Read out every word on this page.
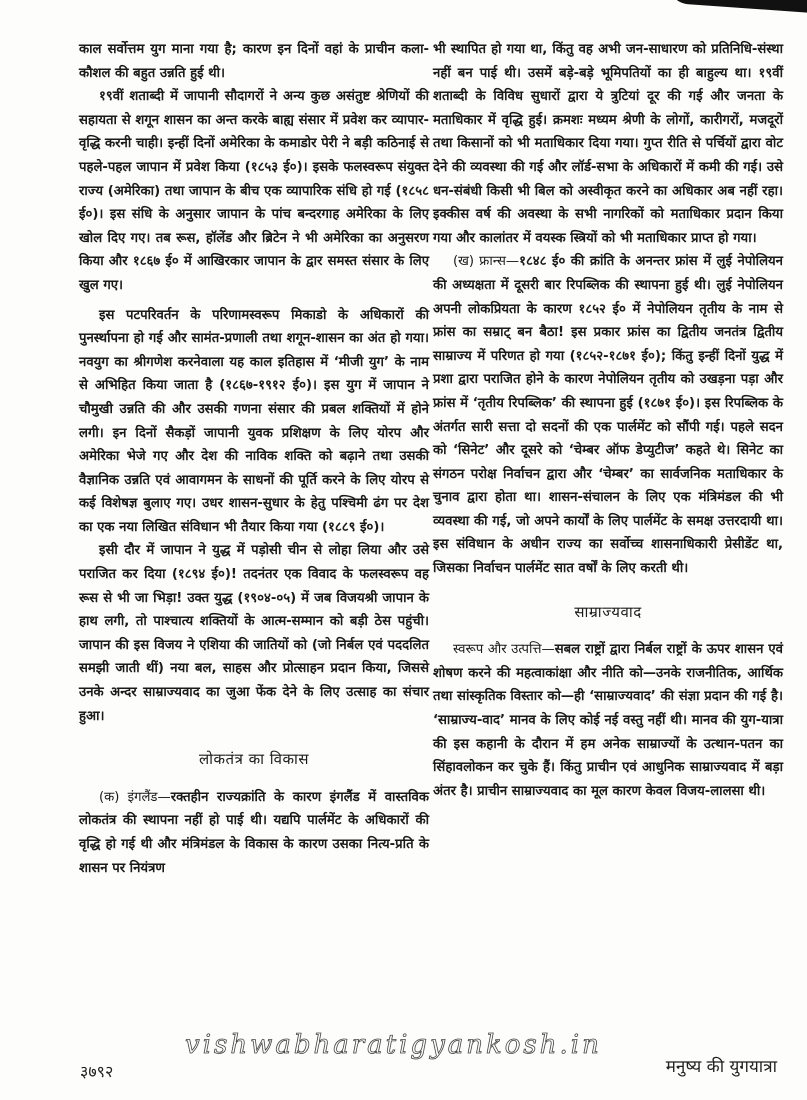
काल सर्वोत्तम युग माना गया है; कारण इन दिनों वहां के प्राचीन कला-कौशल की बहुत उन्नति हुई थी।

१९वीं शताब्दी में जापानी सौदागरों ने अन्य कुछ असंतुष्ट श्रेणियों की सहायता से शगून शासन का अन्त करके बाह्य संसार में प्रवेश कर व्यापार-वृद्धि करनी चाही। इन्हीं दिनों अमेरिका के कमाडोर पेरी ने बड़ी कठिनाई से पहले-पहल जापान में प्रवेश किया (१८५३ ई०)। इसके फलस्वरूप संयुक्त राज्य (अमेरिका) तथा जापान के बीच एक व्यापारिक संधि हो गई (१८५८ ई०)। इस संधि के अनुसार जापान के पांच बन्दरगाह अमेरिका के लिए खोल दिए गए। तब रूस, हॉलेंड और ब्रिटेन ने भी अमेरिका का अनुसरण किया और १८६७ ई० में आखिरकार जापान के द्वार समस्त संसार के लिए खुल गए।

इस पटपरिवर्तन के परिणामस्वरूप मिकाडो के अधिकारों की पुनर्स्थापना हो गई और सामंत-प्रणाली तथा शगून-शासन का अंत हो गया। नवयुग का श्रीगणेश करनेवाला यह काल इतिहास में ‘मीजी युग’ के नाम से अभिहित किया जाता है (१८६७-१९१२ ई०)। इस युग में जापान ने चौमुखी उन्नति की और उसकी गणना संसार की प्रबल शक्तियों में होने लगी। इन दिनों सैकड़ों जापानी युवक प्रशिक्षण के लिए योरप और अमेरिका भेजे गए और देश की नाविक शक्ति को बढ़ाने तथा उसकी वैज्ञानिक उन्नति एवं आवागमन के साधनों की पूर्ति करने के लिए योरप से कई विशेषज्ञ बुलाए गए। उधर शासन-सुधार के हेतु पश्चिमी ढंग पर देश का एक नया लिखित संविधान भी तैयार किया गया (१८८९ ई०)।

इसी दौर में जापान ने युद्ध में पड़ोसी चीन से लोहा लिया और उसे पराजित कर दिया (१८९४ ई०)! तदनंतर एक विवाद के फलस्वरूप वह रूस से भी जा भिड़ा! उक्त युद्ध (१९०४-०५) में जब विजयश्री जापान के हाथ लगी, तो पाश्चात्य शक्तियों के आत्म-सम्मान को बड़ी ठेस पहुंची। जापान की इस विजय ने एशिया की जातियों को (जो निर्बल एवं पददलित समझी जाती थीं) नया बल, साहस और प्रोत्साहन प्रदान किया, जिससे उनके अन्दर साम्राज्यवाद का जुआ फेंक देने के लिए उत्साह का संचार हुआ।

लोकतंत्र का विकास

(क) इंगलैंड—रक्तहीन राज्यक्रांति के कारण इंगलैंड में वास्तविक लोकतंत्र की स्थापना नहीं हो पाई थी। यद्यपि पार्लमेंट के अधिकारों की वृद्धि हो गई थी और मंत्रिमंडल के विकास के कारण उसका नित्य-प्रति के शासन पर नियंत्रण

भी स्थापित हो गया था, किंतु वह अभी जन-साधारण को प्रतिनिधि-संस्था नहीं बन पाई थी। उसमें बड़े-बड़े भूमिपतियों का ही बाहुल्य था। १९वीं शताब्दी के विविध सुधारों द्वारा ये त्रुटियां दूर की गई और जनता के मताधिकार में वृद्धि हुई। क्रमशः मध्यम श्रेणी के लोगों, कारीगरों, मजदूरों तथा किसानों को भी मताधिकार दिया गया। गुप्त रीति से पर्चियों द्वारा वोट देने की व्यवस्था की गई और लॉर्ड-सभा के अधिकारों में कमी की गई। उसे धन-संबंधी किसी भी बिल को अस्वीकृत करने का अधिकार अब नहीं रहा। इक्कीस वर्ष की अवस्था के सभी नागरिकों को मताधिकार प्रदान किया गया और कालांतर में वयस्क स्त्रियों को भी मताधिकार प्राप्त हो गया।

(ख) फ्रान्स—१८४८ ई० की क्रांति के अनन्तर फ्रांस में लुई नेपोलियन की अध्यक्षता में दूसरी बार रिपब्लिक की स्थापना हुई थी। लुई नेपोलियन अपनी लोकप्रियता के कारण १८५२ ई० में नेपोलियन तृतीय के नाम से फ्रांस का सम्राट् बन बैठा! इस प्रकार फ्रांस का द्वितीय जनतंत्र द्वितीय साम्राज्य में परिणत हो गया (१८५२-१८७१ ई०); किंतु इन्हीं दिनों युद्ध में प्रशा द्वारा पराजित होने के कारण नेपोलियन तृतीय को उखड़ना पड़ा और फ्रांस में ‘तृतीय रिपब्लिक’ की स्थापना हुई (१८७१ ई०)। इस रिपब्लिक के अंतर्गत सारी सत्ता दो सदनों की एक पार्लमेंट को सौंपी गई। पहले सदन को ‘सिनेट’ और दूसरे को ‘चेम्बर ऑफ डेप्युटीज’ कहते थे। सिनेट का संगठन परोक्ष निर्वाचन द्वारा और ‘चेम्बर’ का सार्वजनिक मताधिकार के चुनाव द्वारा होता था। शासन-संचालन के लिए एक मंत्रिमंडल की भी व्यवस्था की गई, जो अपने कार्यों के लिए पार्लमेंट के समक्ष उत्तरदायी था। इस संविधान के अधीन राज्य का सर्वोच्च शासनाधिकारी प्रेसीडेंट था, जिसका निर्वाचन पार्लमेंट सात वर्षों के लिए करती थी।

साम्राज्यवाद

स्वरूप और उत्पत्ति—सबल राष्ट्रों द्वारा निर्बल राष्ट्रों के ऊपर शासन एवं शोषण करने की महत्वाकांक्षा और नीति को—उनके राजनीतिक, आर्थिक तथा सांस्कृतिक विस्तार को—ही ‘साम्राज्यवाद’ की संज्ञा प्रदान की गई है। ‘साम्राज्य-वाद’ मानव के लिए कोई नई वस्तु नहीं थी। मानव की युग-यात्रा की इस कहानी के दौरान में हम अनेक साम्राज्यों के उत्थान-पतन का सिंहावलोकन कर चुके हैं। किंतु प्राचीन एवं आधुनिक साम्राज्यवाद में बड़ा अंतर है। प्राचीन साम्राज्यवाद का मूल कारण केवल विजय-लालसा थी।

vishwabharatigyankosh.in
३७९२	मनुष्य की युगयात्रा
